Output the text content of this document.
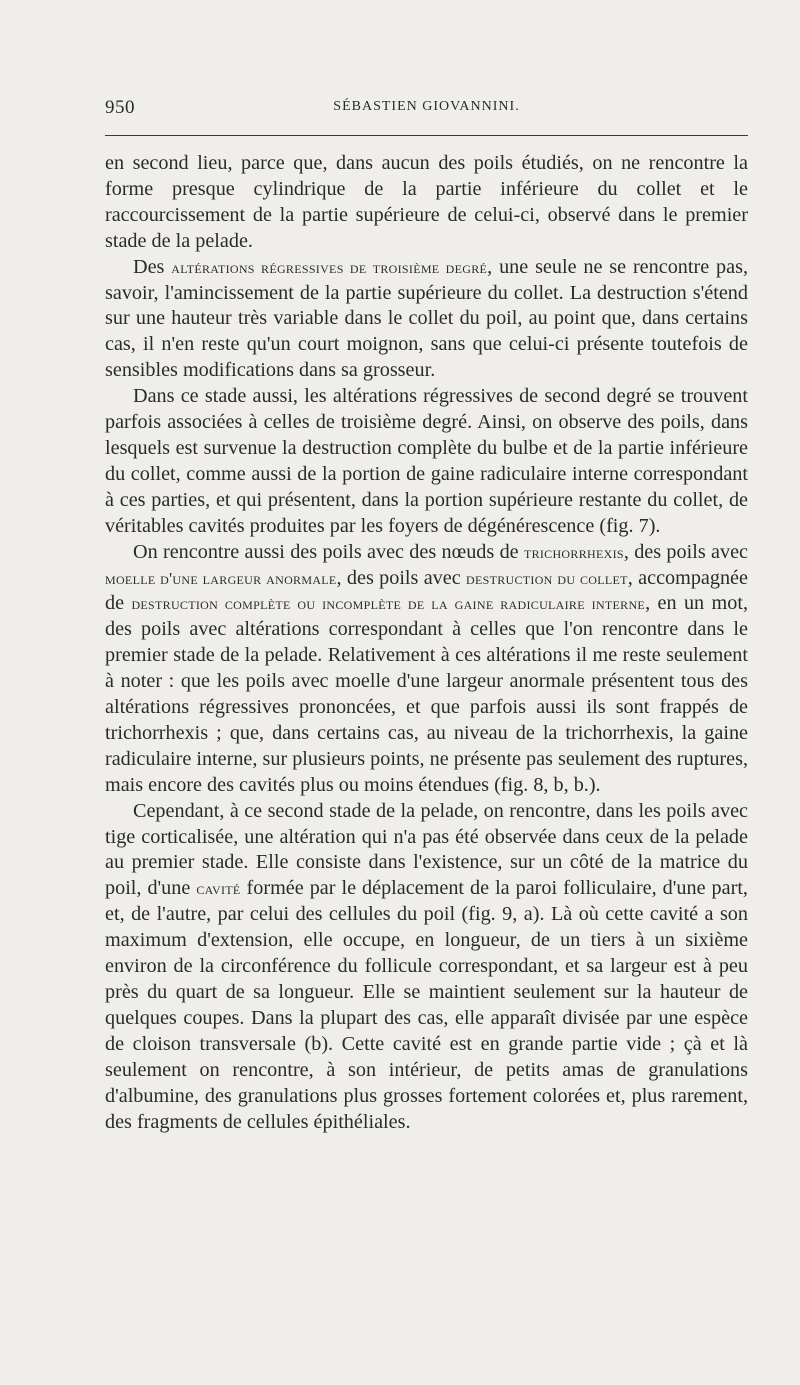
950	SÉBASTIEN GIOVANNINI.

en second lieu, parce que, dans aucun des poils étudiés, on ne rencontre la forme presque cylindrique de la partie inférieure du collet et le raccourcissement de la partie supérieure de celui-ci, observé dans le premier stade de la pelade.

Des altérations régressives de troisième degré, une seule ne se rencontre pas, savoir, l'amincissement de la partie supérieure du collet. La destruction s'étend sur une hauteur très variable dans le collet du poil, au point que, dans certains cas, il n'en reste qu'un court moignon, sans que celui-ci présente toutefois de sensibles modifications dans sa grosseur.

Dans ce stade aussi, les altérations régressives de second degré se trouvent parfois associées à celles de troisième degré. Ainsi, on observe des poils, dans lesquels est survenue la destruction complète du bulbe et de la partie inférieure du collet, comme aussi de la portion de gaine radiculaire interne correspondant à ces parties, et qui présentent, dans la portion supérieure restante du collet, de véritables cavités produites par les foyers de dégénérescence (fig. 7).

On rencontre aussi des poils avec des nœuds de trichorrhexis, des poils avec moelle d'une largeur anormale, des poils avec destruction du collet, accompagnée de destruction complète ou incomplète de la gaine radiculaire interne, en un mot, des poils avec altérations correspondant à celles que l'on rencontre dans le premier stade de la pelade. Relativement à ces altérations il me reste seulement à noter : que les poils avec moelle d'une largeur anormale présentent tous des altérations régressives prononcées, et que parfois aussi ils sont frappés de trichorrhexis ; que, dans certains cas, au niveau de la trichorrhexis, la gaine radiculaire interne, sur plusieurs points, ne présente pas seulement des ruptures, mais encore des cavités plus ou moins étendues (fig. 8, b, b.).

Cependant, à ce second stade de la pelade, on rencontre, dans les poils avec tige corticalisée, une altération qui n'a pas été observée dans ceux de la pelade au premier stade. Elle consiste dans l'existence, sur un côté de la matrice du poil, d'une cavité formée par le déplacement de la paroi folliculaire, d'une part, et, de l'autre, par celui des cellules du poil (fig. 9, a). Là où cette cavité a son maximum d'extension, elle occupe, en longueur, de un tiers à un sixième environ de la circonférence du follicule correspondant, et sa largeur est à peu près du quart de sa longueur. Elle se maintient seulement sur la hauteur de quelques coupes. Dans la plupart des cas, elle apparaît divisée par une espèce de cloison transversale (b). Cette cavité est en grande partie vide ; çà et là seulement on rencontre, à son intérieur, de petits amas de granulations d'albumine, des granulations plus grosses fortement colorées et, plus rarement, des fragments de cellules épithéliales.
